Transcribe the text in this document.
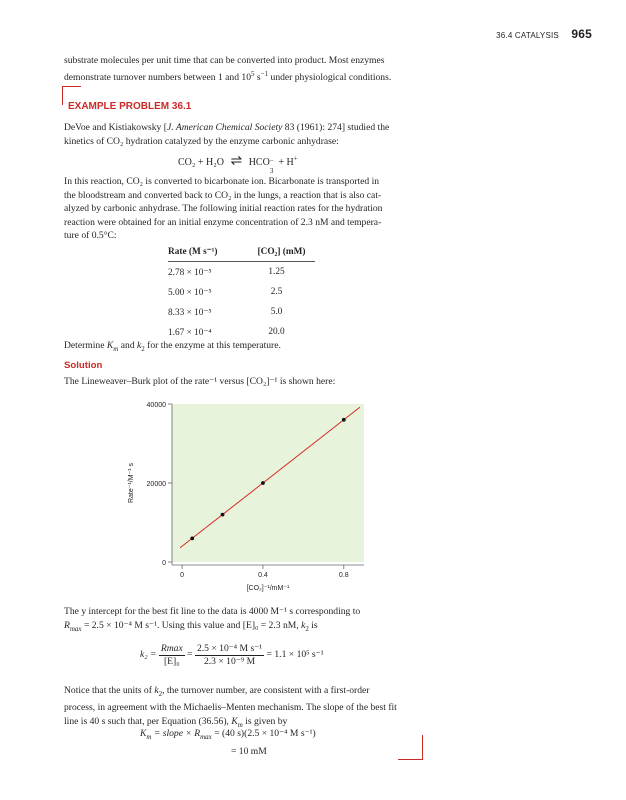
36.4 CATALYSIS 965
substrate molecules per unit time that can be converted into product. Most enzymes
demonstrate turnover numbers between 1 and $10^5$ $s^{-1}$ under physiological conditions.
EXAMPLE PROBLEM 36.1
DeVoe and Kistiakowsky [J. American Chemical Society 83 (1961): 274] studied the
kinetics of CO₂ hydration catalyzed by the enzyme carbonic anhydrase:
CO₂ + H₂O ⇌ HCO −
3
+ H+
In this reaction, CO₂ is converted to bicarbonate ion. Bicarbonate is transported in
the bloodstream and converted back to CO₂ in the lungs, a reaction that is also cat-
alyzed by carbonic anhydrase. The following initial reaction rates for the hydration
reaction were obtained for an initial enzyme concentration of 2.3 nM and tempera-
ture of 0.5°C:
Rate (M s⁻¹)	[CO₂] (mM)
2.78 × 10⁻⁵	1.25
5.00 × 10⁻⁵	2.5
8.33 × 10⁻⁵	5.0
1.67 × 10⁻⁴	20.0
Determine $K_m$ and $k_2$ for the enzyme at this temperature.
Solution
The Lineweaver–Burk plot of the rate⁻¹ versus [CO₂]⁻¹ is shown here:
0
20000
40000
0	0.4	0.8
[CO₂]⁻¹/mM⁻¹
Rate⁻¹/M⁻¹ s
The y intercept for the best fit line to the data is 4000 M⁻¹ s corresponding to
$R_{max} = 2.5 \times 10^{-4}$ M s⁻¹. Using this value and [E]₀ = 2.3 nM, $k_2$ is
$k_2 = \frac{Rmax}{\text{[E]₀}} = \frac{\text{2.5 × 10⁻⁴ M s⁻¹}}{\text{2.3 × 10⁻⁹ M}} = 1.1 \times 10^5$ s⁻¹
Notice that the units of $k_2$, the turnover number, are consistent with a first-order
process, in agreement with the Michaelis–Menten mechanism. The slope of the best fit
line is 40 s such that, per Equation (36.56), $K_m$ is given by
$K_m$ = slope × $R_{max} = (40$ s)(2.5 × 10⁻⁴ M s⁻¹)
= 10 mM
